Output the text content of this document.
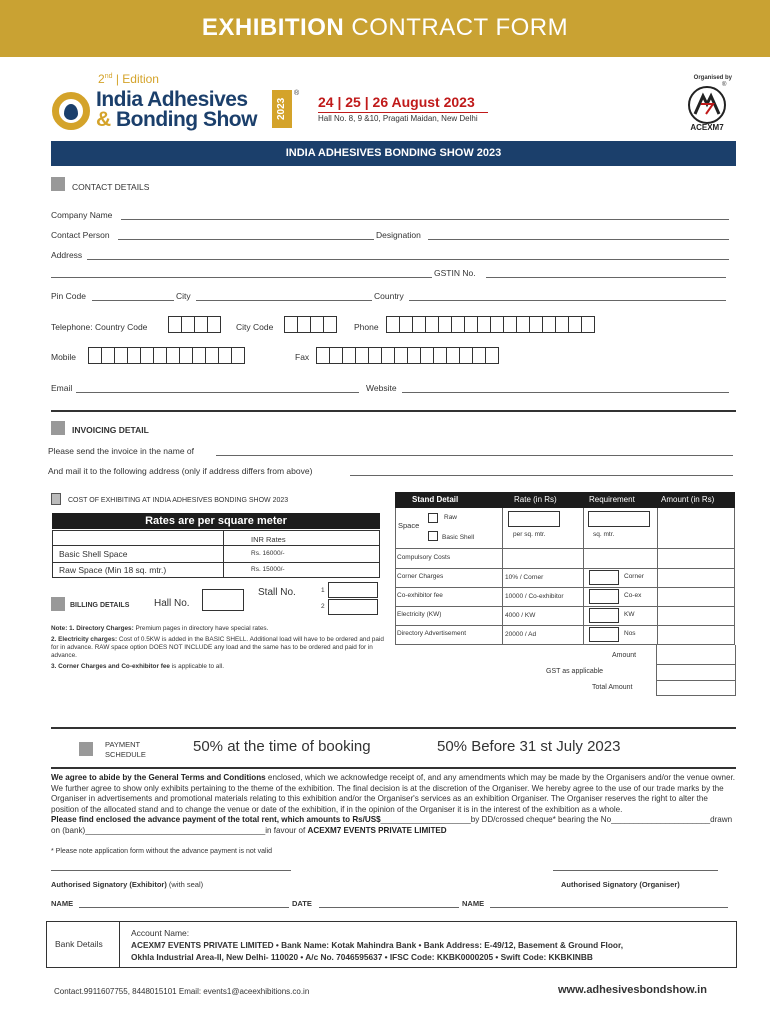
EXHIBITION CONTRACT FORM
2nd | Edition
India Adhesives
& Bonding Show	2023
®
24 | 25 | 26 August 2023
Hall No. 8, 9 &10, Pragati Maidan, New Delhi
Organised by
®
ACEXM7
INDIA ADHESIVES BONDING SHOW 2023
CONTACT DETAILS
Company Name
Contact Person	Designation
Address
GSTIN No.
Pin Code	City	Country
Telephone: Country Code	City Code	Phone
Mobile	Fax
Email	Website
INVOICING DETAIL
Please send the invoice in the name of
And mail it to the following address (only if address differs from above)
COST OF EXHIBITING AT INDIA ADHESIVES BONDING SHOW 2023
Rates are per square meter
INR Rates
Basic Shell Space	Rs. 16000/-
Raw Space (Min 18 sq. mtr.)	Rs. 15000/-
BILLING DETAILS Hall No.
Stall No.	1
2
Note: 1. Directory Charges: Premium pages in directory have special rates.
2. Electricity charges: Cost of 0.5KW is added in the BASIC SHELL. Additional load will have to be ordered and paid for in advance. RAW space option DOES NOT INCLUDE any load and the same has to be ordered and paid for in advance.
3. Corner Charges and Co-exhibitor fee is applicable to all.
Stand Detail	Rate (in Rs)	Requirement	Amount (in Rs)
Space
Raw
Basic Shell	per sq. mtr.	sq. mtr.
Compulsory Costs
Corner Charges	10% / Corner	Corner
Co-exhibitor fee	10000 / Co-exhibitor	Co-ex
Electricity (KW)	4000 / KW	KW
Directory Advertisement	20000 / Ad	Nos
Amount
GST as applicable
Total Amount
PAYMENT
SCHEDULE	50% at the time of booking	50% Before 31 st July 2023
We agree to abide by the General Terms and Conditions enclosed, which we acknowledge receipt of, and any amendments which may be made by the Organisers and/or the venue owner. We further agree to show only exhibits pertaining to the theme of the exhibition. The final decision is at the discretion of the Organiser. We hereby agree to the use of our trade marks by the Organiser in advertisements and promotional materials relating to this exhibition and/or the Organiser's services as an exhibition Organiser. The Organiser reserves the right to alter the position of the allocated stand and to change the venue or date of the exhibition, if in the opinion of the Organiser it is in the interest of the exhibition as a whole.
Please find enclosed the advance payment of the total rent, which amounts to Rs/US$____________________by DD/crossed cheque* bearing the No______________________drawn on (bank)________________________________________in favour of ACEXM7 EVENTS PRIVATE LIMITED
* Please note application form without the advance payment is not valid
Authorised Signatory (Exhibitor) (with seal)	Authorised Signatory (Organiser)
NAME	DATE	NAME
Bank Details
Account Name:
ACEXM7 EVENTS PRIVATE LIMITED • Bank Name: Kotak Mahindra Bank • Bank Address: E-49/12, Basement & Ground Floor,
Okhla Industrial Area-II, New Delhi- 110020 • A/c No. 7046595637 • IFSC Code: KKBK0000205 • Swift Code: KKBKINBB
Contact.9911607755, 8448015101 Email: events1@aceexhibitions.co.in	www.adhesivesbondshow.in
